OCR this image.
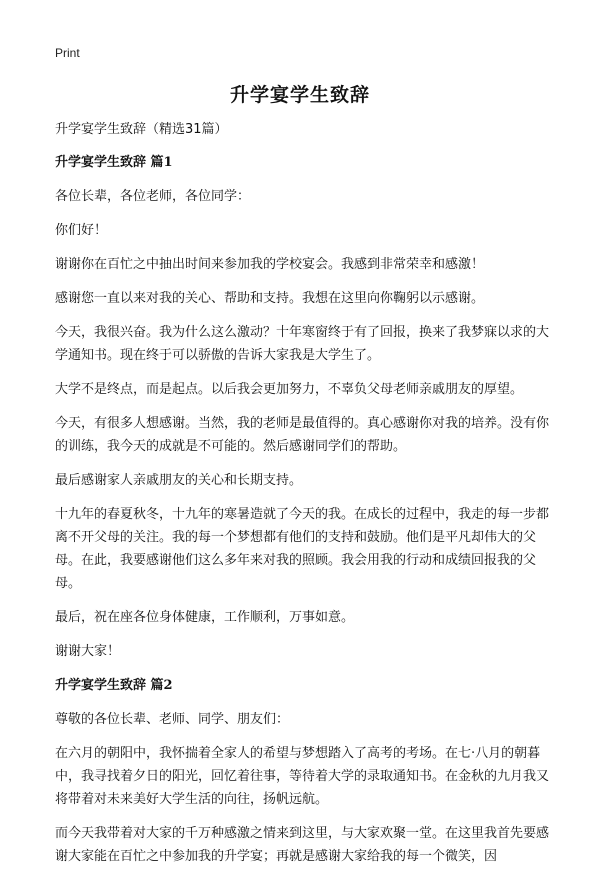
Print
升学宴学生致辞

升学宴学生致辞（精选31篇）

升学宴学生致辞 篇1

各位长辈，各位老师，各位同学：

你们好！

谢谢你在百忙之中抽出时间来参加我的学校宴会。我感到非常荣幸和感激！

感谢您一直以来对我的关心、帮助和支持。我想在这里向你鞠躬以示感谢。

今天，我很兴奋。我为什么这么激动？十年寒窗终于有了回报，换来了我梦寐以求的大学通知书。现在终于可以骄傲的告诉大家我是大学生了。

大学不是终点，而是起点。以后我会更加努力，不辜负父母老师亲戚朋友的厚望。

今天，有很多人想感谢。当然，我的老师是最值得的。真心感谢你对我的培养。没有你的训练，我今天的成就是不可能的。然后感谢同学们的帮助。

最后感谢家人亲戚朋友的关心和长期支持。

十九年的春夏秋冬，十九年的寒暑造就了今天的我。在成长的过程中，我走的每一步都离不开父母的关注。我的每一个梦想都有他们的支持和鼓励。他们是平凡却伟大的父母。在此，我要感谢他们这么多年来对我的照顾。我会用我的行动和成绩回报我的父母。

最后，祝在座各位身体健康，工作顺利，万事如意。

谢谢大家！

升学宴学生致辞 篇2

尊敬的各位长辈、老师、同学、朋友们：

在六月的朝阳中，我怀揣着全家人的希望与梦想踏入了高考的考场。在七·八月的朝暮中，我寻找着夕日的阳光，回忆着往事，等待着大学的录取通知书。在金秋的九月我又将带着对未来美好大学生活的向往，扬帆远航。

而今天我带着对大家的千万种感激之情来到这里，与大家欢聚一堂。在这里我首先要感谢大家能在百忙之中参加我的升学宴；再就是感谢大家给我的每一个微笑，因
